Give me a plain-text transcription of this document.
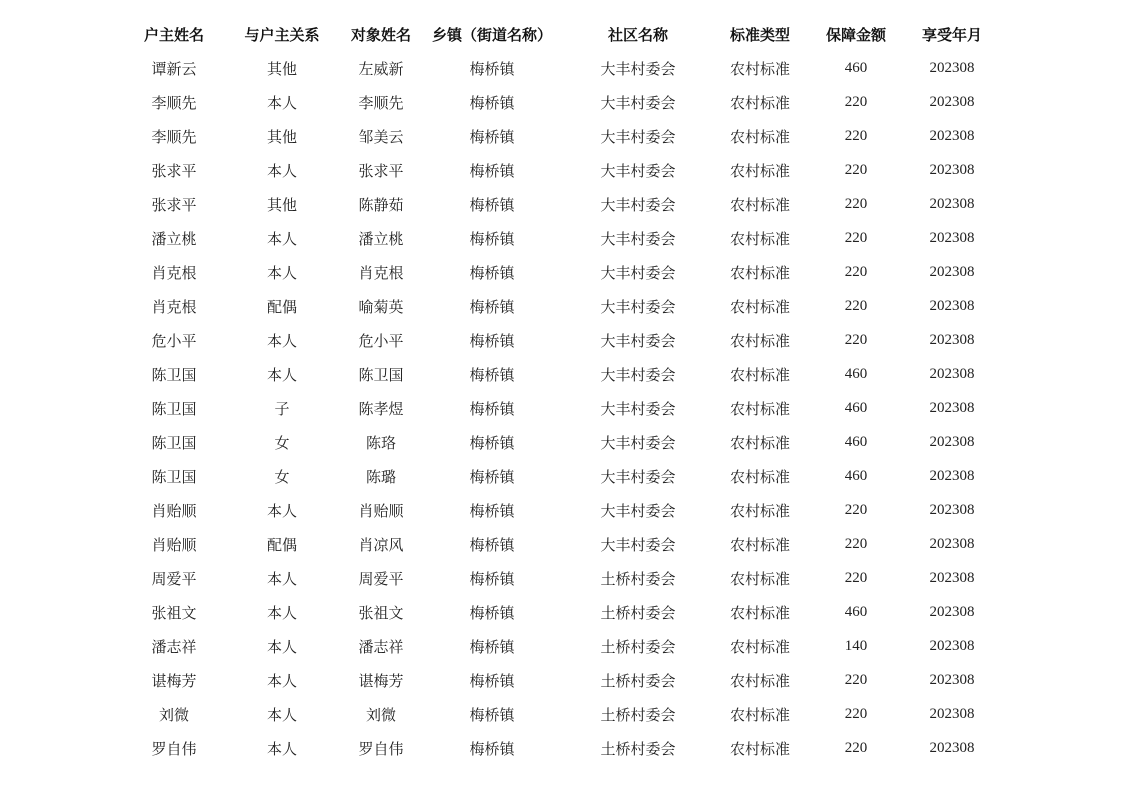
户主姓名	与户主关系	对象姓名	乡镇（街道名称）	社区名称	标准类型	保障金额	享受年月
谭新云	其他	左威新	梅桥镇	大丰村委会	农村标准	460	202308
李顺先	本人	李顺先	梅桥镇	大丰村委会	农村标准	220	202308
李顺先	其他	邹美云	梅桥镇	大丰村委会	农村标准	220	202308
张求平	本人	张求平	梅桥镇	大丰村委会	农村标准	220	202308
张求平	其他	陈静茹	梅桥镇	大丰村委会	农村标准	220	202308
潘立桃	本人	潘立桃	梅桥镇	大丰村委会	农村标准	220	202308
肖克根	本人	肖克根	梅桥镇	大丰村委会	农村标准	220	202308
肖克根	配偶	喻菊英	梅桥镇	大丰村委会	农村标准	220	202308
危小平	本人	危小平	梅桥镇	大丰村委会	农村标准	220	202308
陈卫国	本人	陈卫国	梅桥镇	大丰村委会	农村标准	460	202308
陈卫国	子	陈孝煜	梅桥镇	大丰村委会	农村标准	460	202308
陈卫国	女	陈珞	梅桥镇	大丰村委会	农村标准	460	202308
陈卫国	女	陈璐	梅桥镇	大丰村委会	农村标准	460	202308
肖贻顺	本人	肖贻顺	梅桥镇	大丰村委会	农村标准	220	202308
肖贻顺	配偶	肖凉风	梅桥镇	大丰村委会	农村标准	220	202308
周爱平	本人	周爱平	梅桥镇	土桥村委会	农村标准	220	202308
张祖文	本人	张祖文	梅桥镇	土桥村委会	农村标准	460	202308
潘志祥	本人	潘志祥	梅桥镇	土桥村委会	农村标准	140	202308
谌梅芳	本人	谌梅芳	梅桥镇	土桥村委会	农村标准	220	202308
刘微	本人	刘微	梅桥镇	土桥村委会	农村标准	220	202308
罗自伟	本人	罗自伟	梅桥镇	土桥村委会	农村标准	220	202308
